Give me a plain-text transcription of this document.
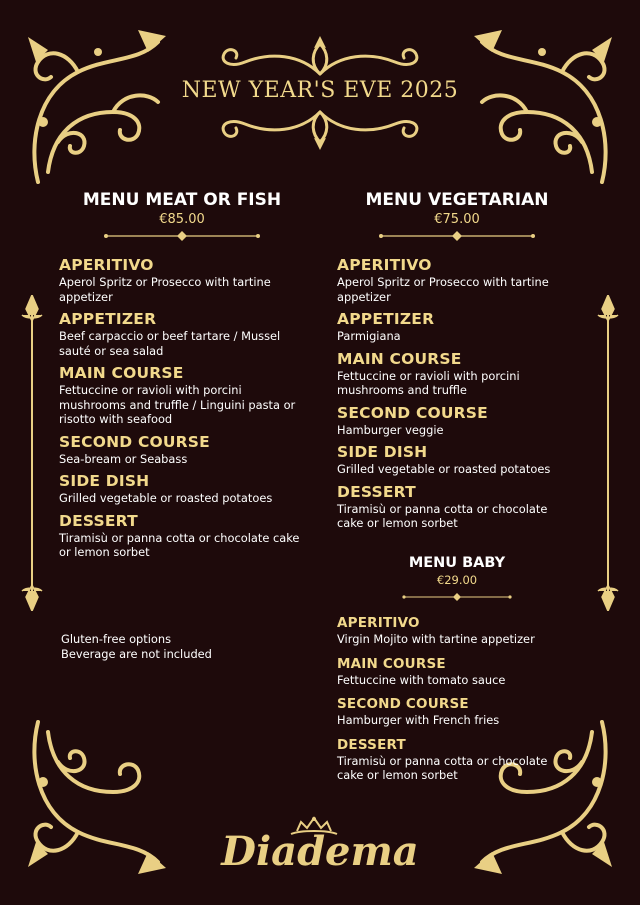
NEW YEAR'S EVE 2025
MENU MEAT OR FISH
€85.00
APERITIVO
Aperol Spritz or Prosecco with tartine appetizer
APPETIZER
Beef carpaccio or beef tartare / Mussel sauté or sea salad
MAIN COURSE
Fettuccine or ravioli with porcini mushrooms and truffle / Linguini pasta or risotto with seafood
SECOND COURSE
Sea-bream or Seabass
SIDE DISH
Grilled vegetable or roasted potatoes
DESSERT
Tiramisù or panna cotta or chocolate cake or lemon sorbet
MENU VEGETARIAN
€75.00
APERITIVO
Aperol Spritz or Prosecco with tartine appetizer
APPETIZER
Parmigiana
MAIN COURSE
Fettuccine or ravioli with porcini mushrooms and truffle
SECOND COURSE
Hamburger veggie
SIDE DISH
Grilled vegetable or roasted potatoes
DESSERT
Tiramisù or panna cotta or chocolate cake or lemon sorbet
MENU BABY
€29.00
APERITIVO
Virgin Mojito with tartine appetizer
MAIN COURSE
Fettuccine with tomato sauce
SECOND COURSE
Hamburger with French fries
DESSERT
Tiramisù or panna cotta or chocolate cake or lemon sorbet
Gluten-free options
Beverage are not included
Diadema
